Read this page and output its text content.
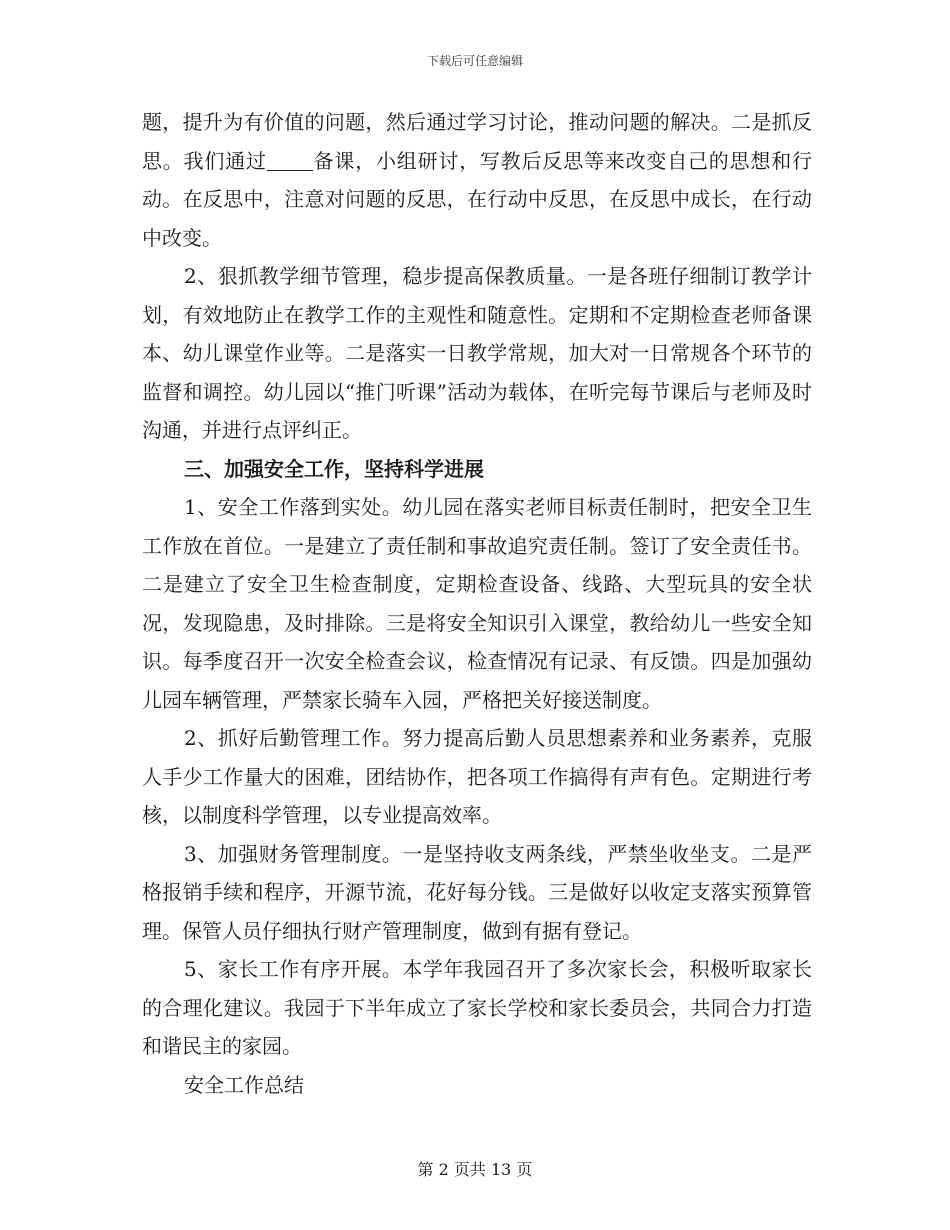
下载后可任意编辑

题，提升为有价值的问题，然后通过学习讨论，推动问题的解决。二是抓反思。我们通过 备课，小组研讨，写教后反思等来改变自己的思想和行动。在反思中，注意对问题的反思，在行动中反思，在反思中成长，在行动中改变。

2、狠抓教学细节管理，稳步提高保教质量。一是各班仔细制订教学计划，有效地防止在教学工作的主观性和随意性。定期和不定期检查老师备课本、幼儿课堂作业等。二是落实一日教学常规，加大对一日常规各个环节的监督和调控。幼儿园以“推门听课”活动为载体，在听完每节课后与老师及时沟通，并进行点评纠正。

三、加强安全工作，坚持科学进展

1、安全工作落到实处。幼儿园在落实老师目标责任制时，把安全卫生工作放在首位。一是建立了责任制和事故追究责任制。签订了安全责任书。二是建立了安全卫生检查制度，定期检查设备、线路、大型玩具的安全状况，发现隐患，及时排除。三是将安全知识引入课堂，教给幼儿一些安全知识。每季度召开一次安全检查会议，检查情况有记录、有反馈。四是加强幼儿园车辆管理，严禁家长骑车入园，严格把关好接送制度。

2、抓好后勤管理工作。努力提高后勤人员思想素养和业务素养，克服人手少工作量大的困难，团结协作，把各项工作搞得有声有色。定期进行考核，以制度科学管理，以专业提高效率。

3、加强财务管理制度。一是坚持收支两条线，严禁坐收坐支。二是严格报销手续和程序，开源节流，花好每分钱。三是做好以收定支落实预算管理。保管人员仔细执行财产管理制度，做到有据有登记。

5、家长工作有序开展。本学年我园召开了多次家长会，积极听取家长的合理化建议。我园于下半年成立了家长学校和家长委员会，共同合力打造和谐民主的家园。

安全工作总结

第 2 页共 13 页
